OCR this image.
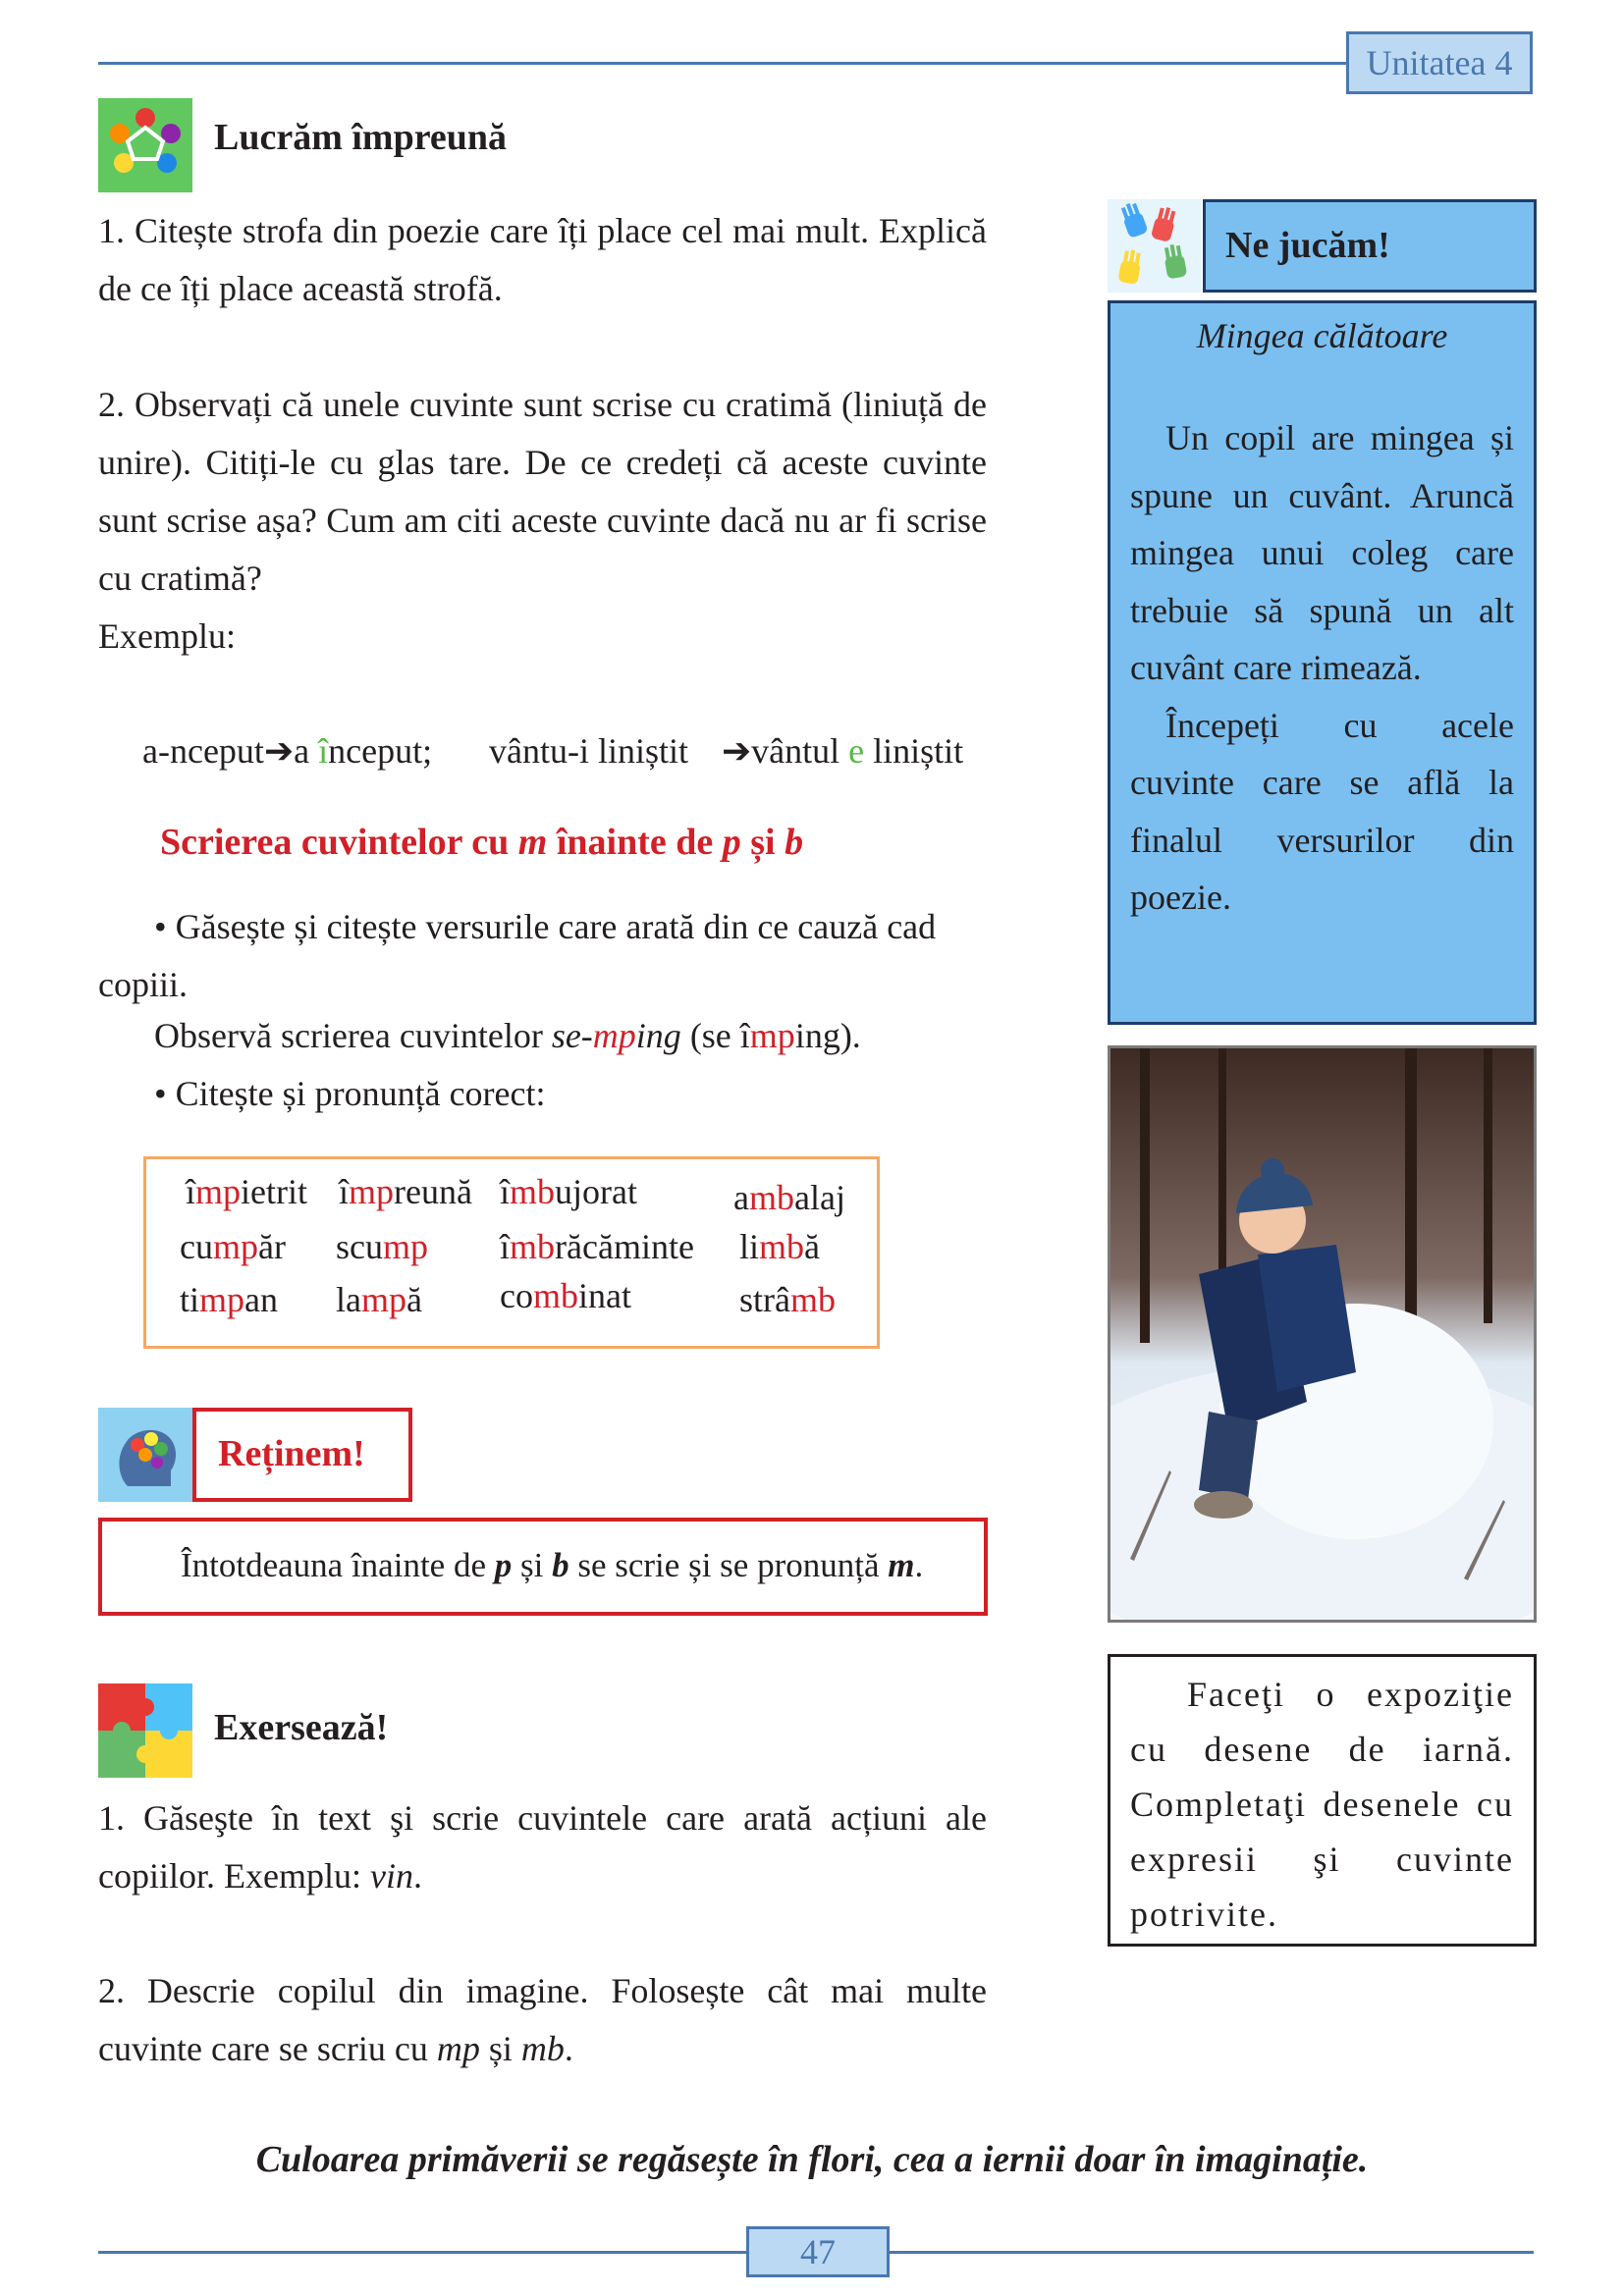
Unitatea 4
Lucrăm împreună

1. Citește strofa din poezie care îți place cel mai mult. Explică de ce îți place această strofă.

2. Observați că unele cuvinte sunt scrise cu cratimă (liniuță de unire). Citiți-le cu glas tare. De ce credeți că aceste cuvinte sunt scrise așa? Cum am citi aceste cuvinte dacă nu ar fi scrise cu cratimă?

Exemplu:

a-nceput➔a început; vântu-i liniștit ➔vântul e liniștit
Scrierea cuvintelor cu m înainte de p și b

• Găsește și citește versurile care arată din ce cauză cad copiii.

Observă scrierea cuvintelor se-mping (se împing).
• Citește și pronunță corect:
împietrit împreună îmbujorat	ambalaj
cumpăr scump îmbrăcăminte limbă
timpan lampă combinat	strâmb
Reținem!
Întotdeauna înainte de p și b se scrie și se pronunță m.
Exersează!

1. Găseşte în text şi scrie cuvintele care arată acțiuni ale copiilor. Exemplu: vin.

2. Descrie copilul din imagine. Folosește cât mai multe cuvinte care se scriu cu mp și mb.

Ne jucăm!
Mingea călătoare
Un copil are mingea și spune un cuvânt. Aruncă mingea unui coleg care trebuie să spună un alt cuvânt care rimează.
Începeți cu acele cuvinte care se află la finalul versurilor din poezie.
Faceţi o expoziţie cu desene de iarnă. Completaţi desenele cu expresii şi cuvinte potrivite.
Culoarea primăverii se regăsește în flori, cea a iernii doar în imaginație.
47
